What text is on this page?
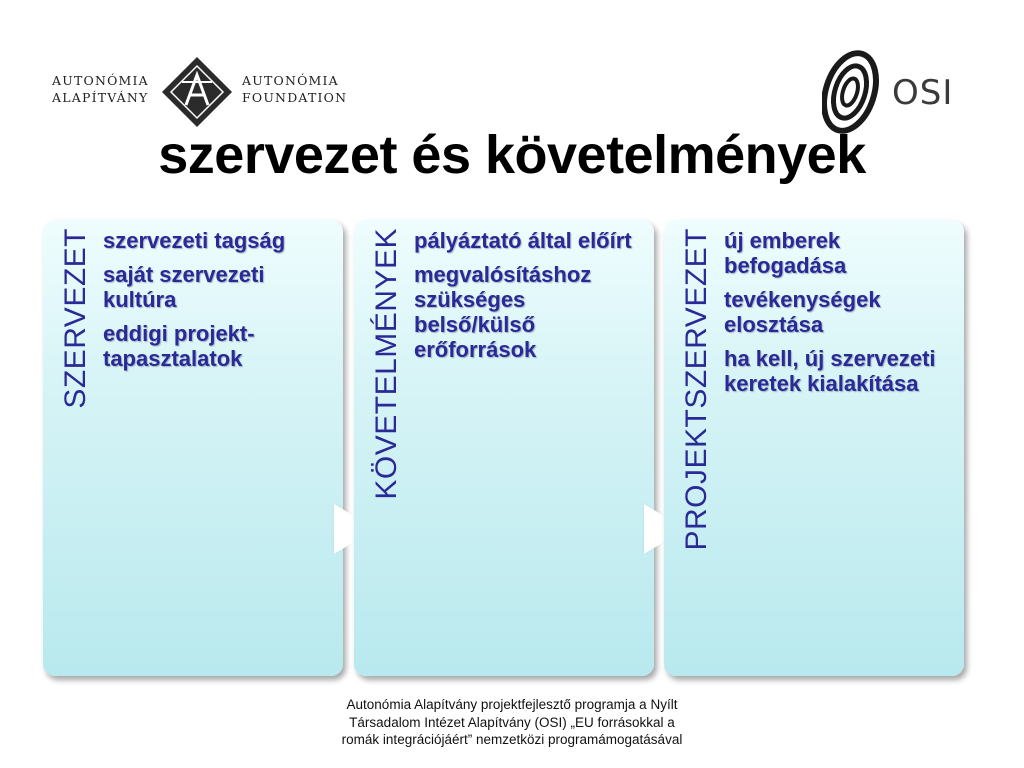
AUTONÓMIA
ALAPÍTVÁNY
AUTONÓMIA
FOUNDATION	OSI
szervezet és követelmények
SZERVEZET szervezeti tagság
saját szervezeti kultúra
eddigi projekt-tapasztalatok	KÖVETELMÉNYEK pályáztató által előírt
megvalósításhoz szükséges belső/külső erőforrások	PROJEKTSZERVEZET új emberek befogadása
tevékenységek elosztása
ha kell, új szervezeti keretek kialakítása
Autonómia Alapítvány projektfejlesztő programja a Nyílt
Társadalom Intézet Alapítvány (OSI) „EU forrásokkal a
romák integrációjáért” nemzetközi programámogatásával
